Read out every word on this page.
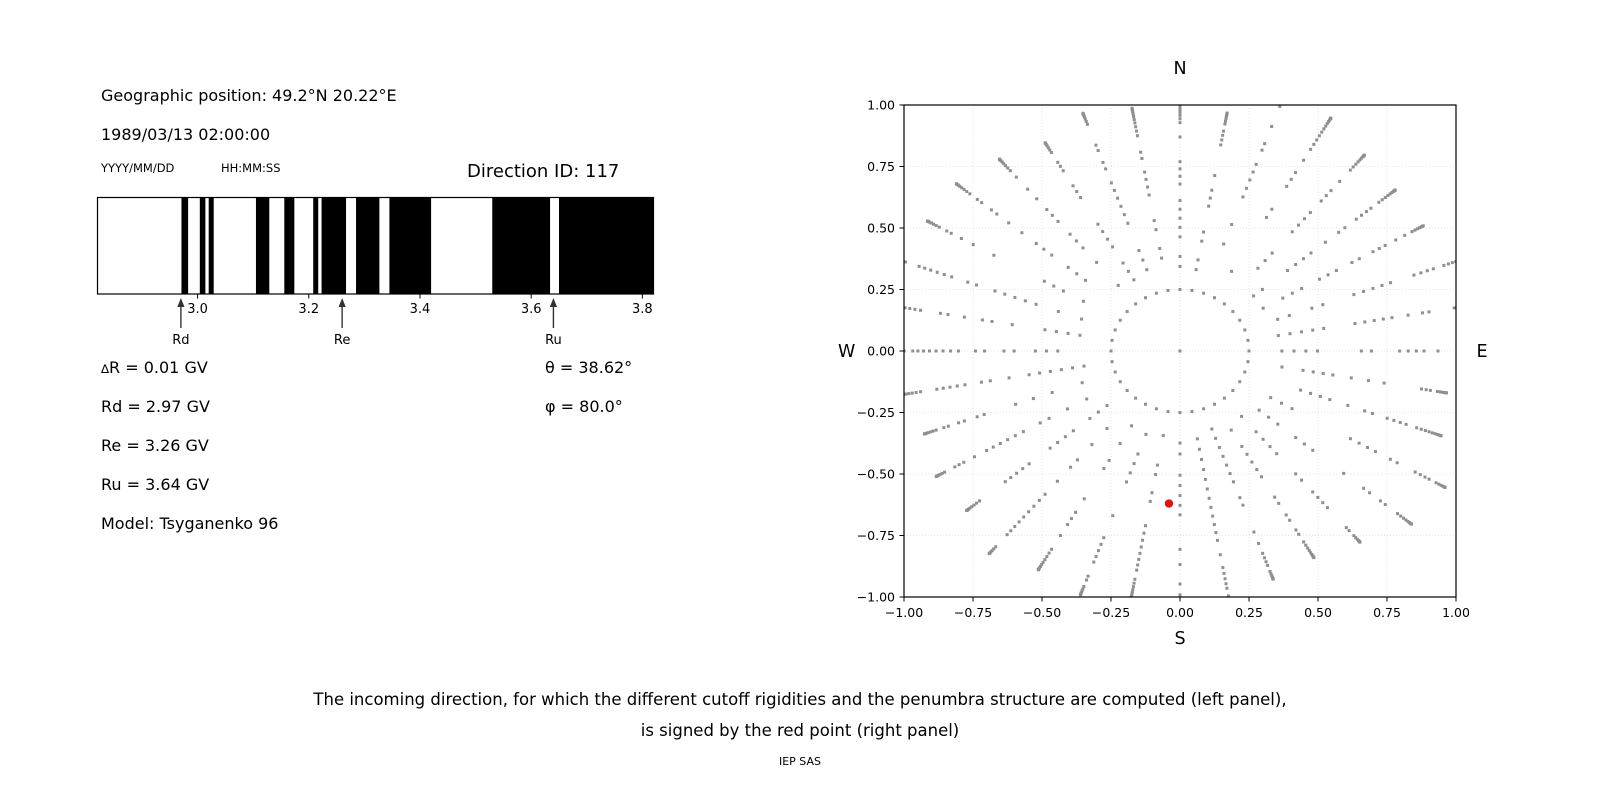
Geographic position: 49.2°N 20.22°E
1989/03/13 02:00:00
YYYY/MM/DD	HH:MM:SS	Direction ID: 117
3.0	3.2	3.4	3.6	3.8
Rd	Re	Ru
∆R = 0.01 GV
Rd = 2.97 GV
Re = 3.26 GV
Ru = 3.64 GV
Model: Tsyganenko 96
θ = 38.62°
φ = 80.0°
−1.00
−1.00
−0.75
−0.75
−0.50
−0.50
−0.25
−0.25
0.00
0.00
0.25
0.25
0.50
0.50
0.75
0.75
1.00
1.00
N
S
W	E
The incoming direction, for which the different cutoff rigidities and the penumbra structure are computed (left panel),
is signed by the red point (right panel)
IEP SAS
